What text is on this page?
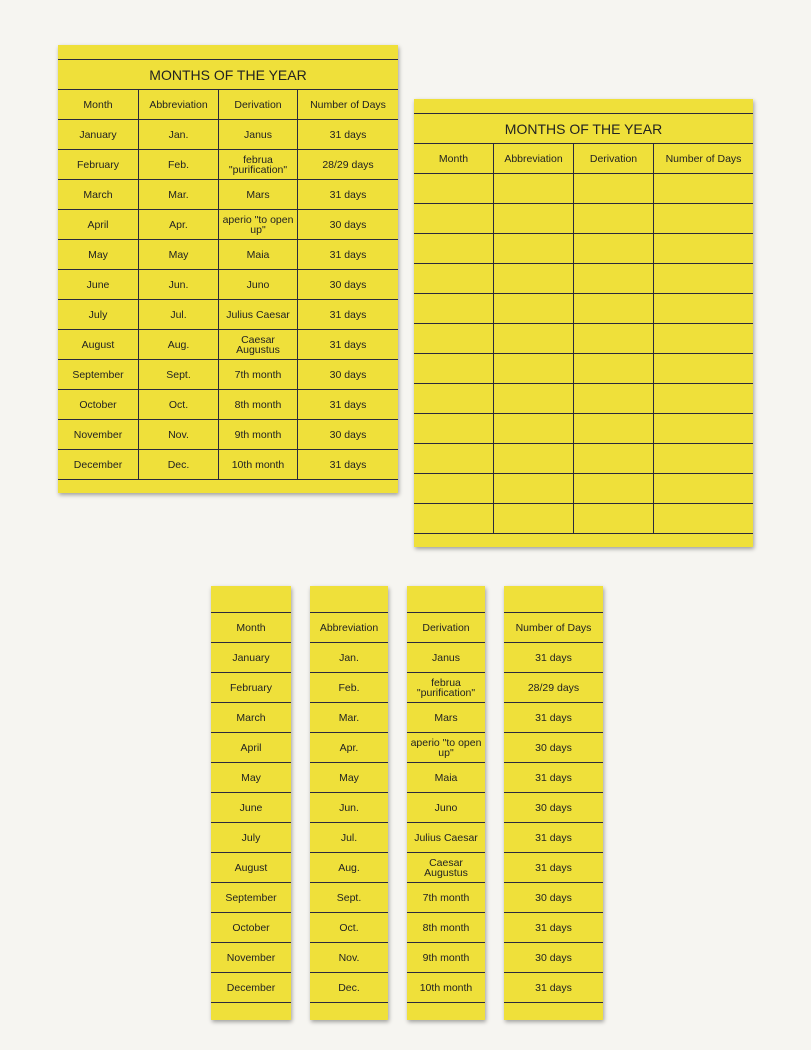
MONTHS OF THE YEAR
Month	Abbreviation	Derivation	Number of Days
January	Jan.	Janus	31 days
February	Feb.	februa "purification"	28/29 days
March	Mar.	Mars	31 days
April	Apr.	aperio "to open up"	30 days
May	May	Maia	31 days
June	Jun.	Juno	30 days
July	Jul.	Julius Caesar	31 days
August	Aug.	Caesar Augustus	31 days
September	Sept.	7th month	30 days
October	Oct.	8th month	31 days
November	Nov.	9th month	30 days
December	Dec.	10th month	31 days
MONTHS OF THE YEAR
Month	Abbreviation	Derivation	Number of Days
Month
January
February
March
April
May
June
July
August
September
October
November
December
Abbreviation
Jan.
Feb.
Mar.
Apr.
May
Jun.
Jul.
Aug.
Sept.
Oct.
Nov.
Dec.
Derivation
Janus
februa "purification"
Mars
aperio "to open up"
Maia
Juno
Julius Caesar
Caesar Augustus
7th month
8th month
9th month
10th month
Number of Days
31 days
28/29 days
31 days
30 days
31 days
30 days
31 days
31 days
30 days
31 days
30 days
31 days
